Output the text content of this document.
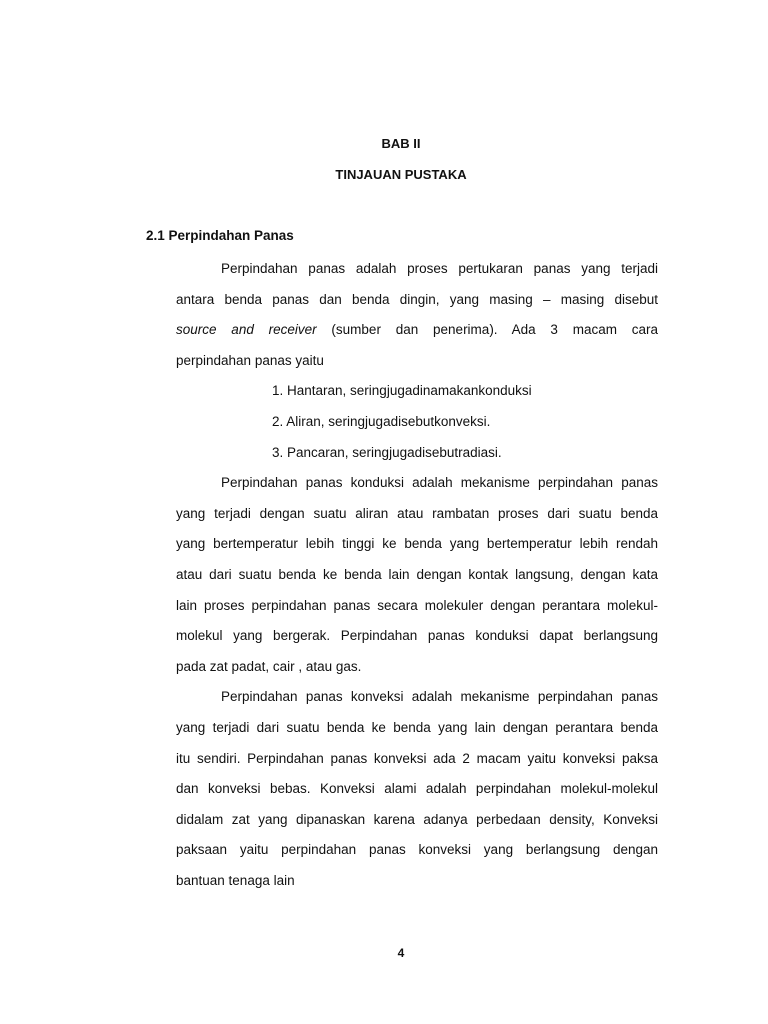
BAB II
TINJAUAN PUSTAKA
2.1 Perpindahan Panas
Perpindahan panas adalah proses pertukaran panas yang terjadi
antara benda panas dan benda dingin, yang masing – masing disebut
source and receiver (sumber dan penerima). Ada 3 macam cara
perpindahan panas yaitu
1. Hantaran, seringjugadinamakankonduksi
2. Aliran, seringjugadisebutkonveksi.
3. Pancaran, seringjugadisebutradiasi.
Perpindahan panas konduksi adalah mekanisme perpindahan panas
yang terjadi dengan suatu aliran atau rambatan proses dari suatu benda
yang bertemperatur lebih tinggi ke benda yang bertemperatur lebih rendah
atau dari suatu benda ke benda lain dengan kontak langsung, dengan kata
lain proses perpindahan panas secara molekuler dengan perantara molekul-
molekul yang bergerak. Perpindahan panas konduksi dapat berlangsung
pada zat padat, cair , atau gas.
Perpindahan panas konveksi adalah mekanisme perpindahan panas
yang terjadi dari suatu benda ke benda yang lain dengan perantara benda
itu sendiri. Perpindahan panas konveksi ada 2 macam yaitu konveksi paksa
dan konveksi bebas. Konveksi alami adalah perpindahan molekul-molekul
didalam zat yang dipanaskan karena adanya perbedaan density, Konveksi
paksaan yaitu perpindahan panas konveksi yang berlangsung dengan
bantuan tenaga lain
4
